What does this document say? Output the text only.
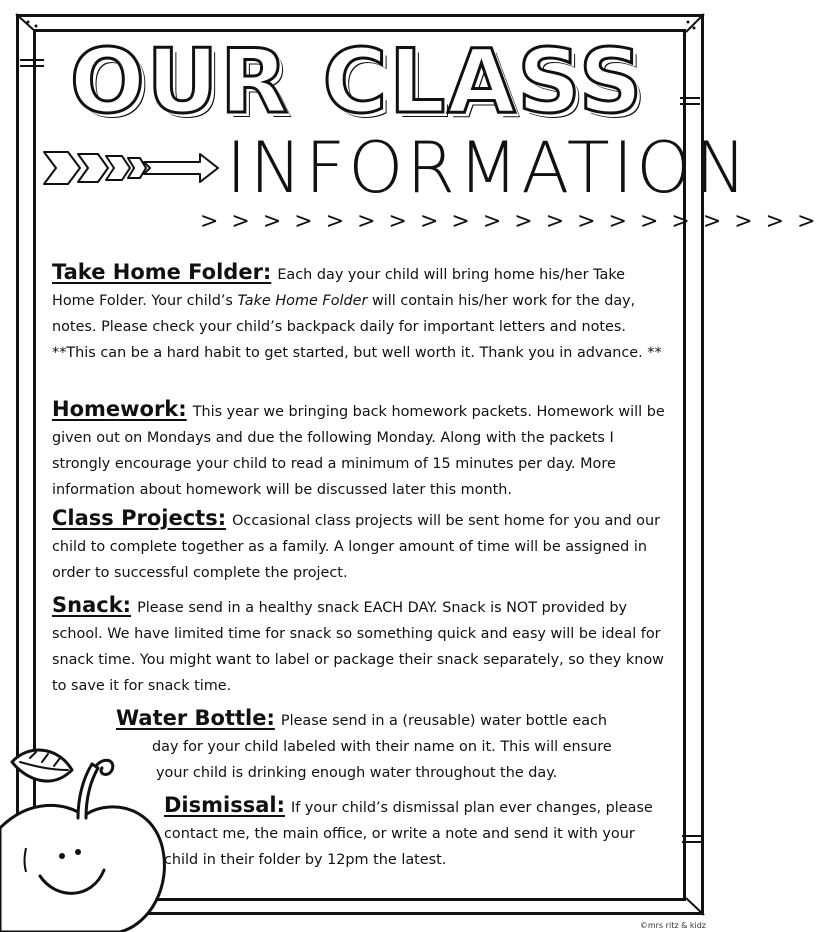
OUR CLASS
INFORMATION
> > > > > > > > > > > > > > > > > > > >
Take Home Folder: Each day your child will bring home his/her Take Home Folder. Your child’s Take Home Folder will contain his/her work for the day, notes. Please check your child’s backpack daily for important letters and notes. **This can be a hard habit to get started, but well worth it. Thank you in advance. **
Homework: This year we bringing back homework packets. Homework will be given out on Mondays and due the following Monday. Along with the packets I strongly encourage your child to read a minimum of 15 minutes per day. More information about homework will be discussed later this month.
Class Projects: Occasional class projects will be sent home for you and our child to complete together as a family. A longer amount of time will be assigned in order to successful complete the project.
Snack: Please send in a healthy snack EACH DAY. Snack is NOT provided by school. We have limited time for snack so something quick and easy will be ideal for snack time. You might want to label or package their snack separately, so they know to save it for snack time.
Water Bottle: Please send in a (reusable) water bottle each
day for your child labeled with their name on it. This will ensure
your child is drinking enough water throughout the day.
Dismissal: If your child’s dismissal plan ever changes, please contact me, the main office, or write a note and send it with your child in their folder by 12pm the latest.
©mrs ritz & kidz
